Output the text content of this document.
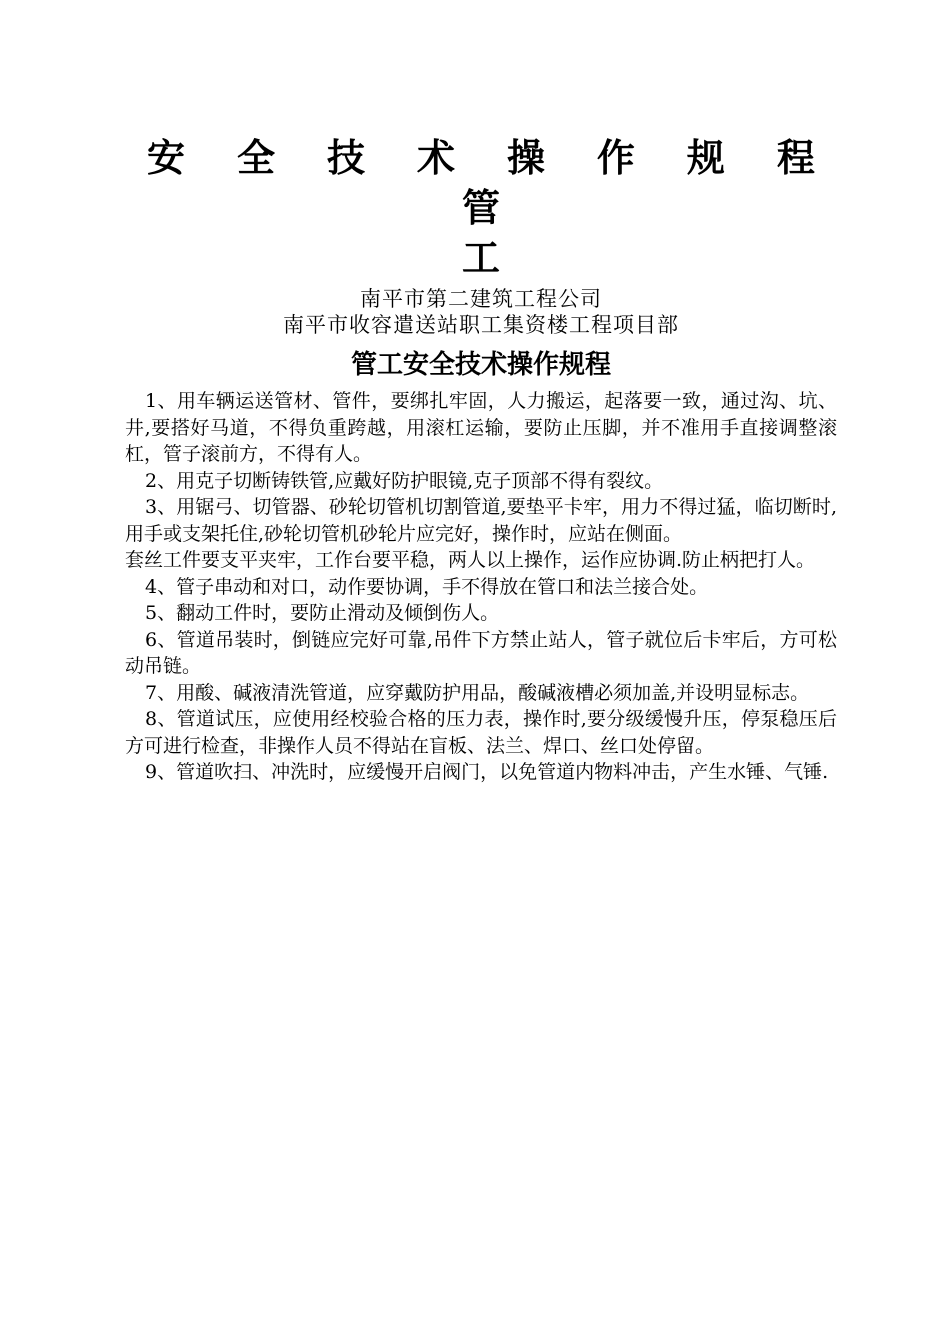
安 全 技 术 操 作 规 程
管
工
南平市第二建筑工程公司
南平市收容遣送站职工集资楼工程项目部
管工安全技术操作规程

1、用车辆运送管材、管件，要绑扎牢固，人力搬运，起落要一致，通过沟、坑、井,要搭好马道，不得负重跨越，用滚杠运输，要防止压脚，并不准用手直接调整滚杠，管子滚前方，不得有人。

2、用克子切断铸铁管,应戴好防护眼镜,克子顶部不得有裂纹。

3、用锯弓、切管器、砂轮切管机切割管道,要垫平卡牢，用力不得过猛，临切断时,用手或支架托住,砂轮切管机砂轮片应完好，操作时，应站在侧面。

套丝工件要支平夹牢，工作台要平稳，两人以上操作，运作应协调.防止柄把打人。

4、管子串动和对口，动作要协调，手不得放在管口和法兰接合处。

5、翻动工件时，要防止滑动及倾倒伤人。

6、管道吊装时，倒链应完好可靠,吊件下方禁止站人，管子就位后卡牢后，方可松动吊链。

7、用酸、碱液清洗管道，应穿戴防护用品，酸碱液槽必须加盖,并设明显标志。

8、管道试压，应使用经校验合格的压力表，操作时,要分级缓慢升压，停泵稳压后方可进行检查，非操作人员不得站在盲板、法兰、焊口、丝口处停留。

9、管道吹扫、冲洗时，应缓慢开启阀门，以免管道内物料冲击，产生水锤、气锤.
